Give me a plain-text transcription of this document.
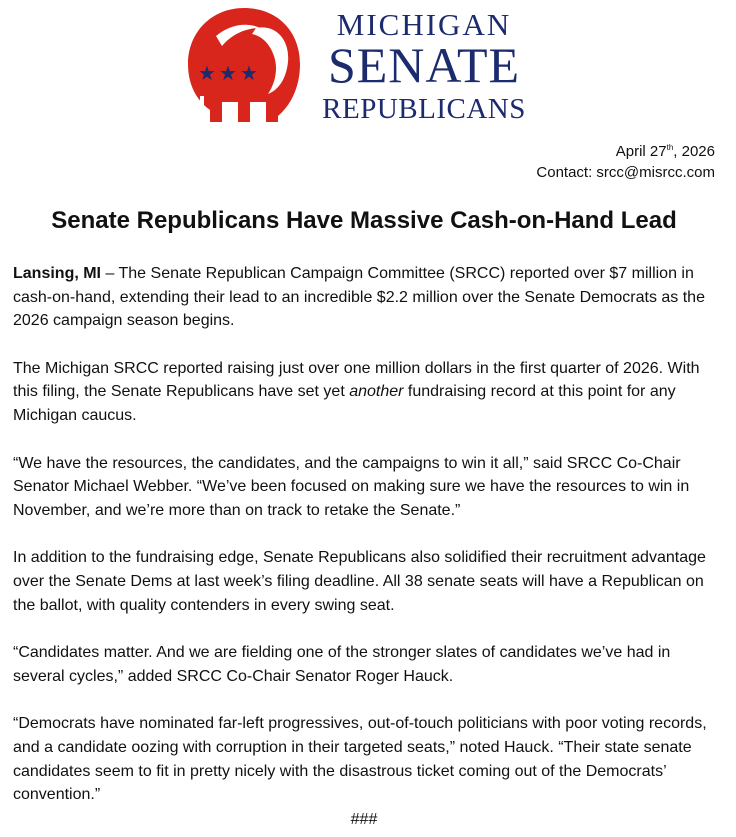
★ ★ ★
MICHIGAN
SENATE
REPUBLICANS
April 27th, 2026
Contact: srcc@misrcc.com
Senate Republicans Have Massive Cash-on-Hand Lead

Lansing, MI – The Senate Republican Campaign Committee (SRCC) reported over $7 million in cash-on-hand, extending their lead to an incredible $2.2 million over the Senate Democrats as the 2026 campaign season begins.

The Michigan SRCC reported raising just over one million dollars in the first quarter of 2026. With this filing, the Senate Republicans have set yet another fundraising record at this point for any Michigan caucus.

“We have the resources, the candidates, and the campaigns to win it all,” said SRCC Co-Chair Senator Michael Webber. “We’ve been focused on making sure we have the resources to win in November, and we’re more than on track to retake the Senate.”

In addition to the fundraising edge, Senate Republicans also solidified their recruitment advantage over the Senate Dems at last week’s filing deadline. All 38 senate seats will have a Republican on the ballot, with quality contenders in every swing seat.

“Candidates matter. And we are fielding one of the stronger slates of candidates we’ve had in several cycles,” added SRCC Co-Chair Senator Roger Hauck.

“Democrats have nominated far-left progressives, out-of-touch politicians with poor voting records, and a candidate oozing with corruption in their targeted seats,” noted Hauck. “Their state senate candidates seem to fit in pretty nicely with the disastrous ticket coming out of the Democrats’ convention.”

###
